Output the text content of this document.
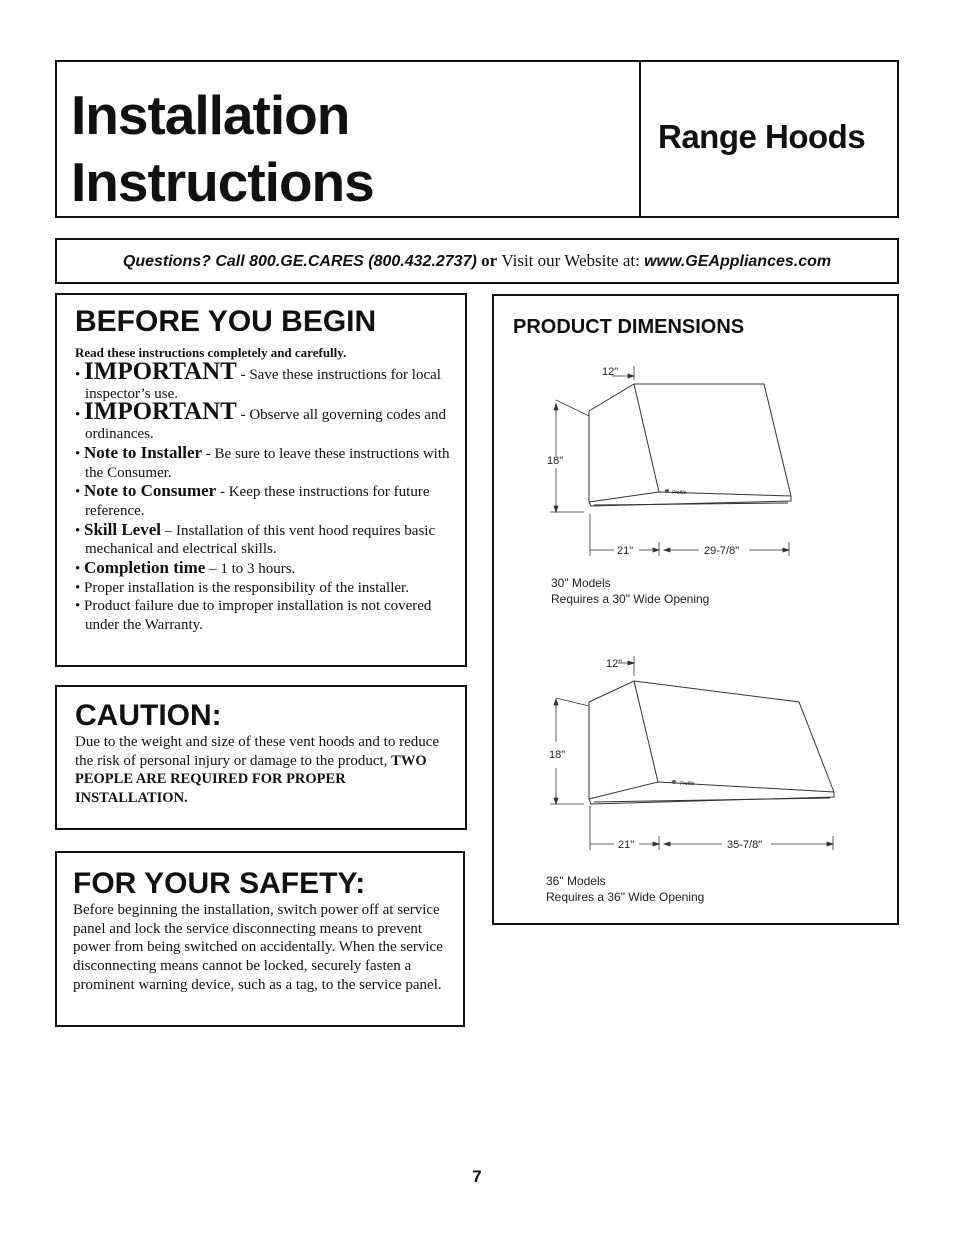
Installation
Instructions
Range Hoods
Questions? Call 800.GE.CARES (800.432.2737) or Visit our Website at: www.GEAppliances.com
BEFORE YOU BEGIN
Read these instructions completely and carefully.
• IMPORTANT - Save these instructions for local inspector’s use.
• IMPORTANT - Observe all governing codes and ordinances.
• Note to Installer - Be sure to leave these instructions with the Consumer.
• Note to Consumer - Keep these instructions for future reference.
• Skill Level – Installation of this vent hood requires basic mechanical and electrical skills.
• Completion time – 1 to 3 hours.
• Proper installation is the responsibility of the installer.
• Product failure due to improper installation is not covered under the Warranty.
CAUTION:
Due to the weight and size of these vent hoods and to reduce the risk of personal injury or damage to the product, TWO PEOPLE ARE REQUIRED FOR PROPER INSTALLATION.
FOR YOUR SAFETY:
Before beginning the installation, switch power off at service panel and lock the service disconnecting means to prevent power from being switched on accidentally. When the service disconnecting means cannot be locked, securely fasten a prominent warning device, such as a tag, to the service panel.
PRODUCT DIMENSIONS
Profile
12"
18"
21"	29-7/8"
30" Models
Requires a 30" Wide Opening
Profile
12"
18"
21"	35-7/8"
36" Models
Requires a 36" Wide Opening
7
